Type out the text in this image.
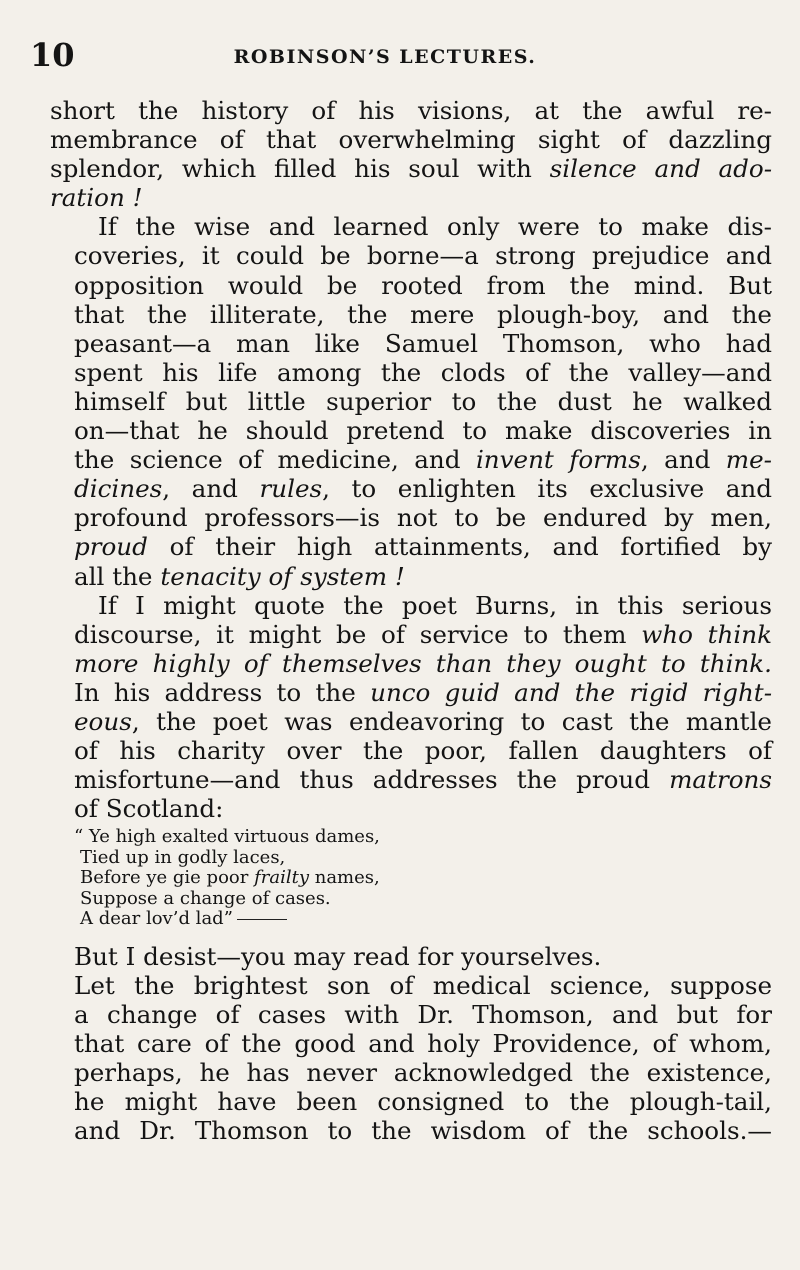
10	ROBINSON’S LECTURES.

short the history of his visions, at the awful re-
membrance of that overwhelming sight of dazzling
splendor, which filled his soul with silence and ado-
ration !

If the wise and learned only were to make dis-
coveries, it could be borne—a strong prejudice and
opposition would be rooted from the mind. But
that the illiterate, the mere plough-boy, and the
peasant—a man like Samuel Thomson, who had
spent his life among the clods of the valley—and
himself but little superior to the dust he walked
on—that he should pretend to make discoveries in
the science of medicine, and invent forms, and me-
dicines, and rules, to enlighten its exclusive and
profound professors—is not to be endured by men,
proud of their high attainments, and fortified by
all the tenacity of system !

If I might quote the poet Burns, in this serious
discourse, it might be of service to them who think
more highly of themselves than they ought to think.
In his address to the unco guid and the rigid right-
eous, the poet was endeavoring to cast the mantle
of his charity over the poor, fallen daughters of
misfortune—and thus addresses the proud matrons
of Scotland:

“ Ye high exalted virtuous dames,
Tied up in godly laces,
Before ye gie poor frailty names,
Suppose a change of cases.
A dear lov’d lad”

But I desist—you may read for yourselves.
Let the brightest son of medical science, suppose
a change of cases with Dr. Thomson, and but for
that care of the good and holy Providence, of whom,
perhaps, he has never acknowledged the existence,
he might have been consigned to the plough-tail,
and Dr. Thomson to the wisdom of the schools.—
